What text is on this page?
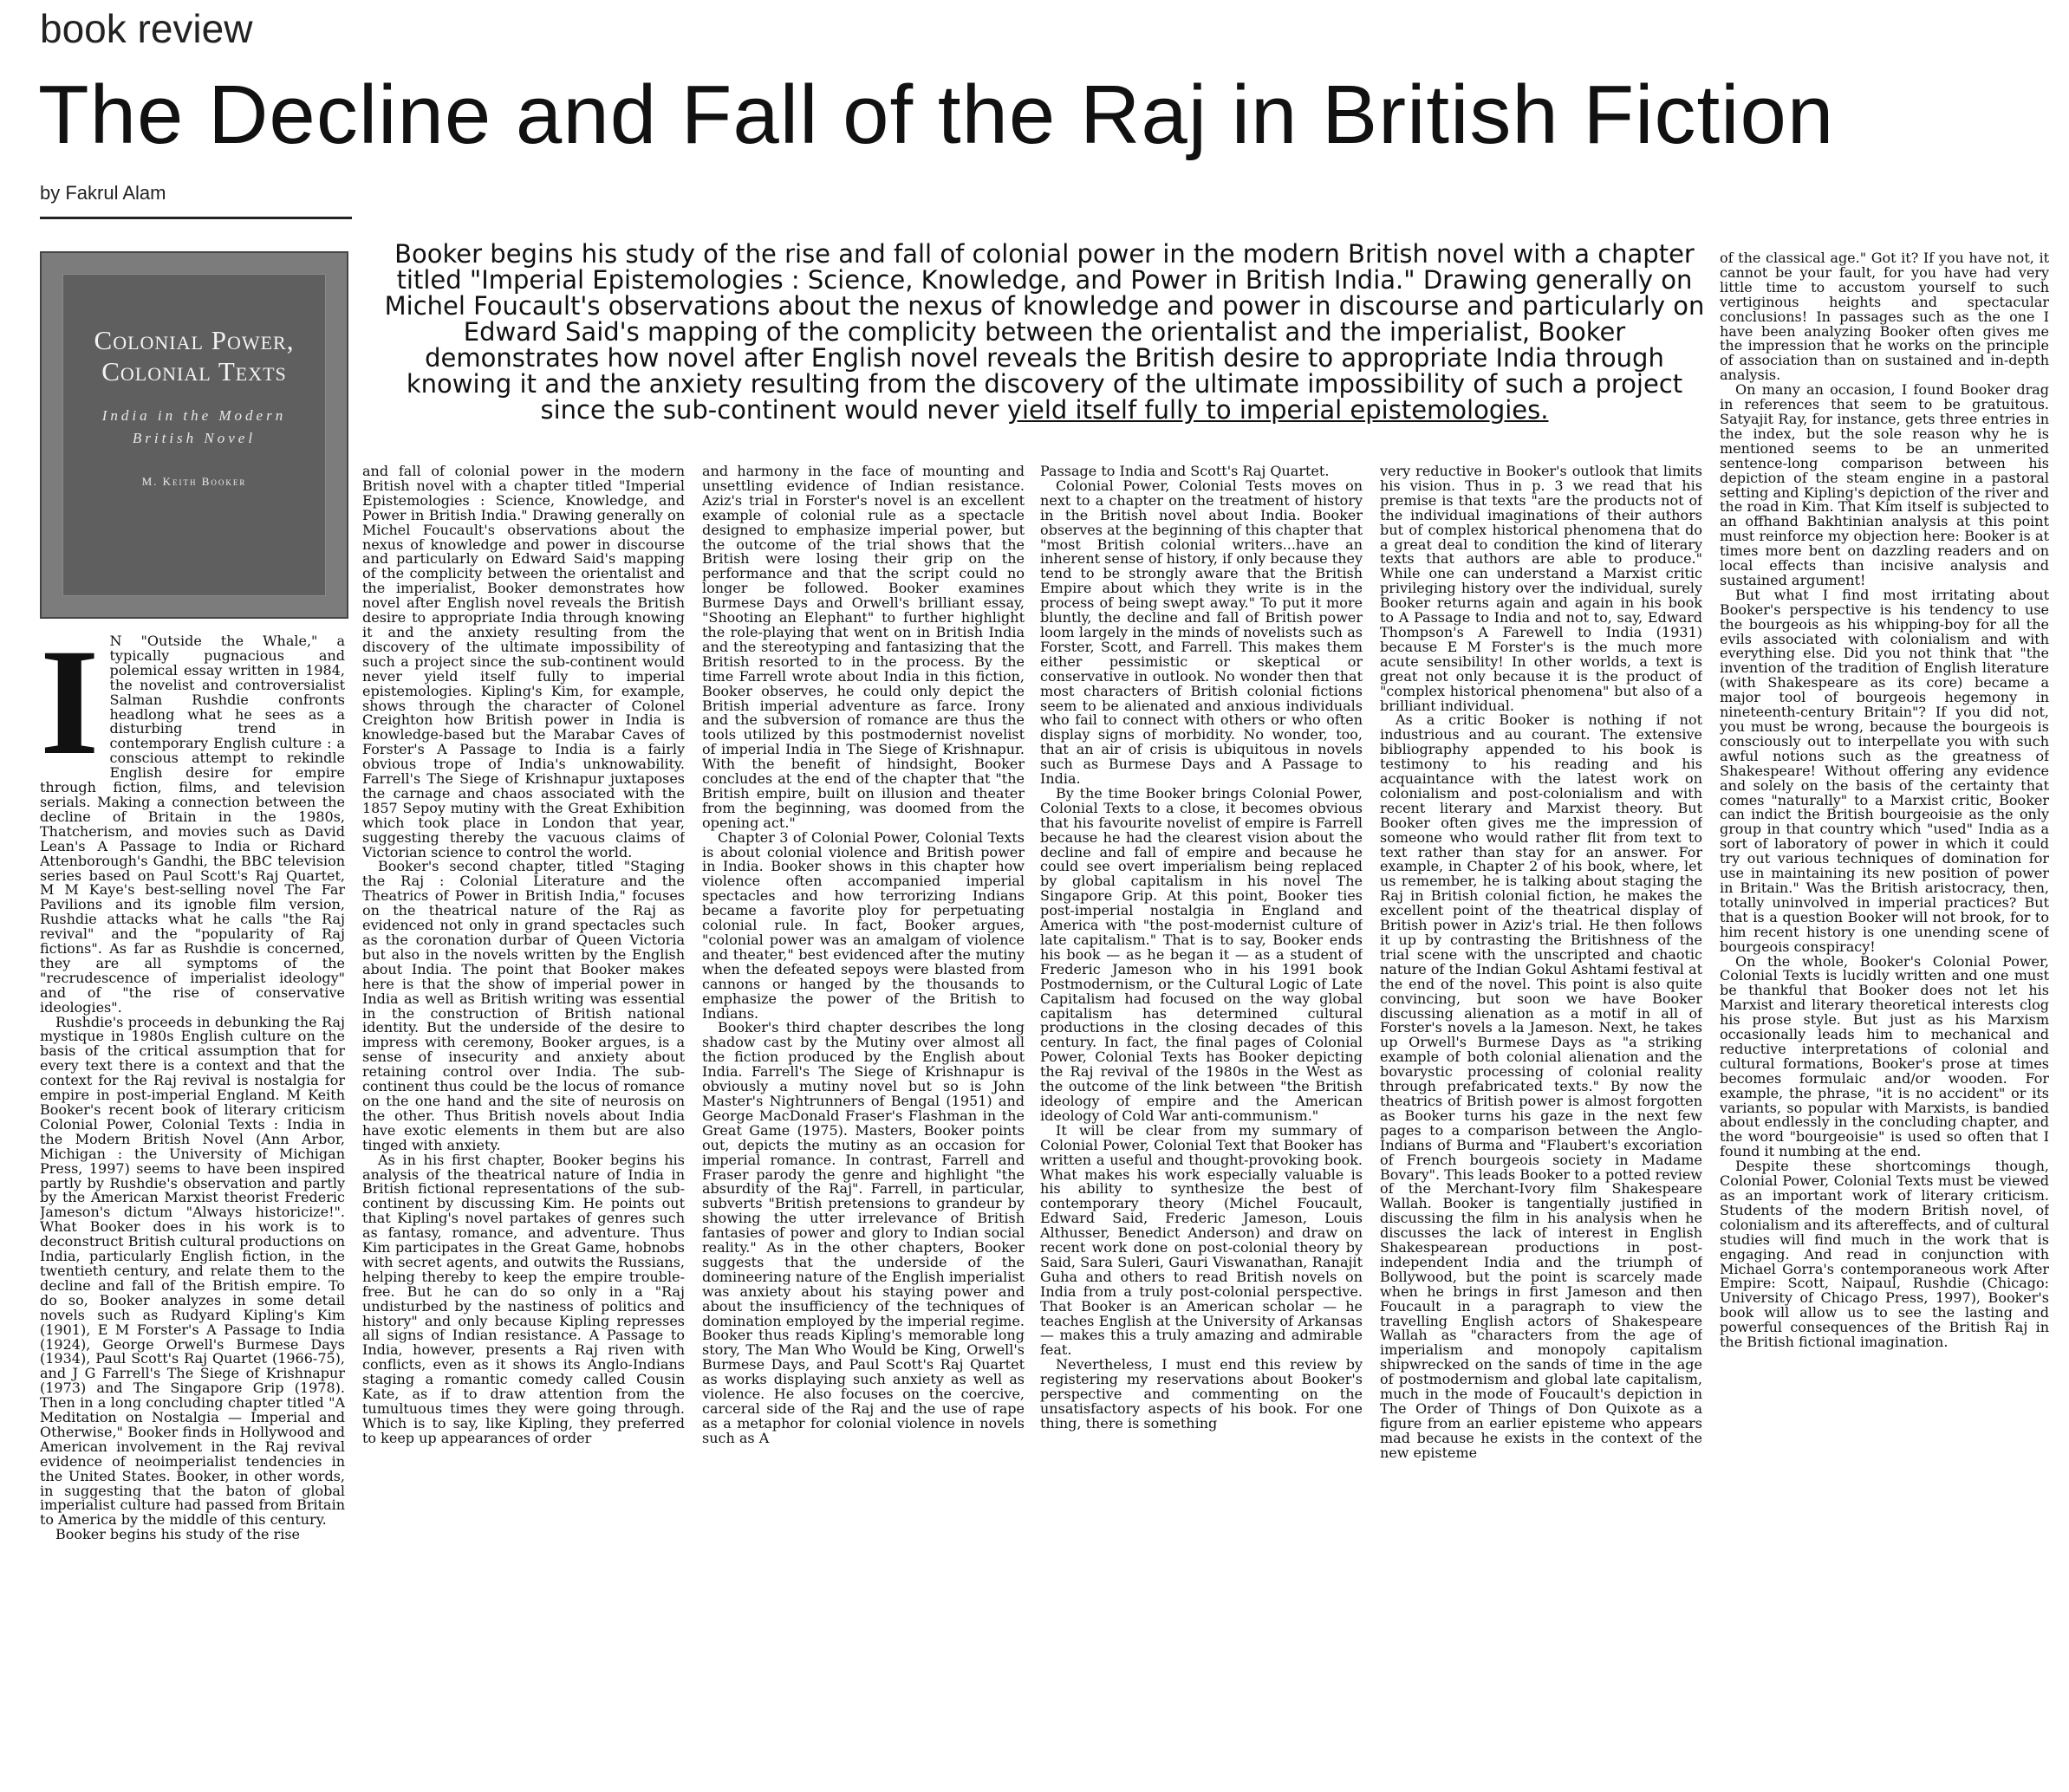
book review
The Decline and Fall of the Raj in British Fiction
by Fakrul Alam
Colonial Power, Colonial Texts
India in the Modern British Novel
M. Keith Booker
Booker begins his study of the rise and fall of colonial power in the modern British novel with a chapter titled "Imperial Epistemologies : Science, Knowledge, and Power in British India." Drawing generally on Michel Foucault's observations about the nexus of knowledge and power in discourse and particularly on Edward Said's mapping of the complicity between the orientalist and the imperialist, Booker demonstrates how novel after English novel reveals the British desire to appropriate India through knowing it and the anxiety resulting from the discovery of the ultimate impossibility of such a project since the sub-continent would never yield itself fully to imperial epistemologies.
I N "Outside the Whale," a typically pugnacious and polemical essay written in 1984, the novelist and controversialist Salman Rushdie confronts headlong what he sees as a disturbing trend in contemporary English culture : a conscious attempt to rekindle English desire for empire through fiction, films, and television serials. Making a connection between the decline of Britain in the 1980s, Thatcherism, and movies such as David Lean's A Passage to India or Richard Attenborough's Gandhi, the BBC television series based on Paul Scott's Raj Quartet, M M Kaye's best-selling novel The Far Pavilions and its ignoble film version, Rushdie attacks what he calls "the Raj revival" and the "popularity of Raj fictions". As far as Rushdie is concerned, they are all symptoms of the "recrudescence of imperialist ideology" and of "the rise of conservative ideologies".

Rushdie's proceeds in debunking the Raj mystique in 1980s English culture on the basis of the critical assumption that for every text there is a context and that the context for the Raj revival is nostalgia for empire in post-imperial England. M Keith Booker's recent book of literary criticism Colonial Power, Colonial Texts : India in the Modern British Novel (Ann Arbor, Michigan : the University of Michigan Press, 1997) seems to have been inspired partly by Rushdie's observation and partly by the American Marxist theorist Frederic Jameson's dictum "Always historicize!". What Booker does in his work is to deconstruct British cultural productions on India, particularly English fiction, in the twentieth century, and relate them to the decline and fall of the British empire. To do so, Booker analyzes in some detail novels such as Rudyard Kipling's Kim (1901), E M Forster's A Passage to India (1924), George Orwell's Burmese Days (1934), Paul Scott's Raj Quartet (1966-75), and J G Farrell's The Siege of Krishnapur (1973) and The Singapore Grip (1978). Then in a long concluding chapter titled "A Meditation on Nostalgia — Imperial and Otherwise," Booker finds in Hollywood and American involvement in the Raj revival evidence of neoimperialist tendencies in the United States. Booker, in other words, in suggesting that the baton of global imperialist culture had passed from Britain to America by the middle of this century.

Booker begins his study of the rise

and fall of colonial power in the modern British novel with a chapter titled "Imperial Epistemologies : Science, Knowledge, and Power in British India." Drawing generally on Michel Foucault's observations about the nexus of knowledge and power in discourse and particularly on Edward Said's mapping of the complicity between the orientalist and the imperialist, Booker demonstrates how novel after English novel reveals the British desire to appropriate India through knowing it and the anxiety resulting from the discovery of the ultimate impossibility of such a project since the sub-continent would never yield itself fully to imperial epistemologies. Kipling's Kim, for example, shows through the character of Colonel Creighton how British power in India is knowledge-based but the Marabar Caves of Forster's A Passage to India is a fairly obvious trope of India's unknowability. Farrell's The Siege of Krishnapur juxtaposes the carnage and chaos associated with the 1857 Sepoy mutiny with the Great Exhibition which took place in London that year, suggesting thereby the vacuous claims of Victorian science to control the world.

Booker's second chapter, titled "Staging the Raj : Colonial Literature and the Theatrics of Power in British India," focuses on the theatrical nature of the Raj as evidenced not only in grand spectacles such as the coronation durbar of Queen Victoria but also in the novels written by the English about India. The point that Booker makes here is that the show of imperial power in India as well as British writing was essential in the construction of British national identity. But the underside of the desire to impress with ceremony, Booker argues, is a sense of insecurity and anxiety about retaining control over India. The sub-continent thus could be the locus of romance on the one hand and the site of neurosis on the other. Thus British novels about India have exotic elements in them but are also tinged with anxiety.

As in his first chapter, Booker begins his analysis of the theatrical nature of India in British fictional representations of the sub-continent by discussing Kim. He points out that Kipling's novel partakes of genres such as fantasy, romance, and adventure. Thus Kim participates in the Great Game, hobnobs with secret agents, and outwits the Russians, helping thereby to keep the empire trouble-free. But he can do so only in a "Raj undisturbed by the nastiness of politics and history" and only because Kipling represses all signs of Indian resistance. A Passage to India, however, presents a Raj riven with conflicts, even as it shows its Anglo-Indians staging a romantic comedy called Cousin Kate, as if to draw attention from the tumultuous times they were going through. Which is to say, like Kipling, they preferred to keep up appearances of order

and harmony in the face of mounting and unsettling evidence of Indian resistance. Aziz's trial in Forster's novel is an excellent example of colonial rule as a spectacle designed to emphasize imperial power, but the outcome of the trial shows that the British were losing their grip on the performance and that the script could no longer be followed. Booker examines Burmese Days and Orwell's brilliant essay, "Shooting an Elephant" to further highlight the role-playing that went on in British India and the stereotyping and fantasizing that the British resorted to in the process. By the time Farrell wrote about India in this fiction, Booker observes, he could only depict the British imperial adventure as farce. Irony and the subversion of romance are thus the tools utilized by this postmodernist novelist of imperial India in The Siege of Krishnapur. With the benefit of hindsight, Booker concludes at the end of the chapter that "the British empire, built on illusion and theater from the beginning, was doomed from the opening act."

Chapter 3 of Colonial Power, Colonial Texts is about colonial violence and British power in India. Booker shows in this chapter how violence often accompanied imperial spectacles and how terrorizing Indians became a favorite ploy for perpetuating colonial rule. In fact, Booker argues, "colonial power was an amalgam of violence and theater," best evidenced after the mutiny when the defeated sepoys were blasted from cannons or hanged by the thousands to emphasize the power of the British to Indians.

Booker's third chapter describes the long shadow cast by the Mutiny over almost all the fiction produced by the English about India. Farrell's The Siege of Krishnapur is obviously a mutiny novel but so is John Master's Nightrunners of Bengal (1951) and George MacDonald Fraser's Flashman in the Great Game (1975). Masters, Booker points out, depicts the mutiny as an occasion for imperial romance. In contrast, Farrell and Fraser parody the genre and highlight "the absurdity of the Raj". Farrell, in particular, subverts "British pretensions to grandeur by showing the utter irrelevance of British fantasies of power and glory to Indian social reality." As in the other chapters, Booker suggests that the underside of the domineering nature of the English imperialist was anxiety about his staying power and about the insufficiency of the techniques of domination employed by the imperial regime. Booker thus reads Kipling's memorable long story, The Man Who Would be King, Orwell's Burmese Days, and Paul Scott's Raj Quartet as works displaying such anxiety as well as violence. He also focuses on the coercive, carceral side of the Raj and the use of rape as a metaphor for colonial violence in novels such as A

Passage to India and Scott's Raj Quartet.

Colonial Power, Colonial Tests moves on next to a chapter on the treatment of history in the British novel about India. Booker observes at the beginning of this chapter that "most British colonial writers...have an inherent sense of history, if only because they tend to be strongly aware that the British Empire about which they write is in the process of being swept away." To put it more bluntly, the decline and fall of British power loom largely in the minds of novelists such as Forster, Scott, and Farrell. This makes them either pessimistic or skeptical or conservative in outlook. No wonder then that most characters of British colonial fictions seem to be alienated and anxious individuals who fail to connect with others or who often display signs of morbidity. No wonder, too, that an air of crisis is ubiquitous in novels such as Burmese Days and A Passage to India.

By the time Booker brings Colonial Power, Colonial Texts to a close, it becomes obvious that his favourite novelist of empire is Farrell because he had the clearest vision about the decline and fall of empire and because he could see overt imperialism being replaced by global capitalism in his novel The Singapore Grip. At this point, Booker ties post-imperial nostalgia in England and America with "the post-modernist culture of late capitalism." That is to say, Booker ends his book — as he began it — as a student of Frederic Jameson who in his 1991 book Postmodernism, or the Cultural Logic of Late Capitalism had focused on the way global capitalism has determined cultural productions in the closing decades of this century. In fact, the final pages of Colonial Power, Colonial Texts has Booker depicting the Raj revival of the 1980s in the West as the outcome of the link between "the British ideology of empire and the American ideology of Cold War anti-communism."

It will be clear from my summary of Colonial Power, Colonial Text that Booker has written a useful and thought-provoking book. What makes his work especially valuable is his ability to synthesize the best of contemporary theory (Michel Foucault, Edward Said, Frederic Jameson, Louis Althusser, Benedict Anderson) and draw on recent work done on post-colonial theory by Said, Sara Suleri, Gauri Viswanathan, Ranajit Guha and others to read British novels on India from a truly post-colonial perspective. That Booker is an American scholar — he teaches English at the University of Arkansas — makes this a truly amazing and admirable feat.

Nevertheless, I must end this review by registering my reservations about Booker's perspective and commenting on the unsatisfactory aspects of his book. For one thing, there is something

very reductive in Booker's outlook that limits his vision. Thus in p. 3 we read that his premise is that texts "are the products not of the individual imaginations of their authors but of complex historical phenomena that do a great deal to condition the kind of literary texts that authors are able to produce." While one can understand a Marxist critic privileging history over the individual, surely Booker returns again and again in his book to A Passage to India and not to, say, Edward Thompson's A Farewell to India (1931) because E M Forster's is the much more acute sensibility! In other worlds, a text is great not only because it is the product of "complex historical phenomena" but also of a brilliant individual.

As a critic Booker is nothing if not industrious and au courant. The extensive bibliography appended to his book is testimony to his reading and his acquaintance with the latest work on colonialism and post-colonialism and with recent literary and Marxist theory. But Booker often gives me the impression of someone who would rather flit from text to text rather than stay for an answer. For example, in Chapter 2 of his book, where, let us remember, he is talking about staging the Raj in British colonial fiction, he makes the excellent point of the theatrical display of British power in Aziz's trial. He then follows it up by contrasting the Britishness of the trial scene with the unscripted and chaotic nature of the Indian Gokul Ashtami festival at the end of the novel. This point is also quite convincing, but soon we have Booker discussing alienation as a motif in all of Forster's novels a la Jameson. Next, he takes up Orwell's Burmese Days as "a striking example of both colonial alienation and the bovarystic processing of colonial reality through prefabricated texts." By now the theatrics of British power is almost forgotten as Booker turns his gaze in the next few pages to a comparison between the Anglo-Indians of Burma and "Flaubert's excoriation of French bourgeois society in Madame Bovary". This leads Booker to a potted review of the Merchant-Ivory film Shakespeare Wallah. Booker is tangentially justified in discussing the film in his analysis when he discusses the lack of interest in English Shakespearean productions in post-independent India and the triumph of Bollywood, but the point is scarcely made when he brings in first Jameson and then Foucault in a paragraph to view the travelling English actors of Shakespeare Wallah as "characters from the age of imperialism and monopoly capitalism shipwrecked on the sands of time in the age of postmodernism and global late capitalism, much in the mode of Foucault's depiction in The Order of Things of Don Quixote as a figure from an earlier episteme who appears mad because he exists in the context of the new episteme

of the classical age." Got it? If you have not, it cannot be your fault, for you have had very little time to accustom yourself to such vertiginous heights and spectacular conclusions! In passages such as the one I have been analyzing Booker often gives me the impression that he works on the principle of association than on sustained and in-depth analysis.

On many an occasion, I found Booker drag in references that seem to be gratuitous. Satyajit Ray, for instance, gets three entries in the index, but the sole reason why he is mentioned seems to be an unmerited sentence-long comparison between his depiction of the steam engine in a pastoral setting and Kipling's depiction of the river and the road in Kim. That Kim itself is subjected to an offhand Bakhtinian analysis at this point must reinforce my objection here: Booker is at times more bent on dazzling readers and on local effects than incisive analysis and sustained argument!

But what I find most irritating about Booker's perspective is his tendency to use the bourgeois as his whipping-boy for all the evils associated with colonialism and with everything else. Did you not think that "the invention of the tradition of English literature (with Shakespeare as its core) became a major tool of bourgeois hegemony in nineteenth-century Britain"? If you did not, you must be wrong, because the bourgeois is consciously out to interpellate you with such awful notions such as the greatness of Shakespeare! Without offering any evidence and solely on the basis of the certainty that comes "naturally" to a Marxist critic, Booker can indict the British bourgeoisie as the only group in that country which "used" India as a sort of laboratory of power in which it could try out various techniques of domination for use in maintaining its new position of power in Britain." Was the British aristocracy, then, totally uninvolved in imperial practices? But that is a question Booker will not brook, for to him recent history is one unending scene of bourgeois conspiracy!

On the whole, Booker's Colonial Power, Colonial Texts is lucidly written and one must be thankful that Booker does not let his Marxist and literary theoretical interests clog his prose style. But just as his Marxism occasionally leads him to mechanical and reductive interpretations of colonial and cultural formations, Booker's prose at times becomes formulaic and/or wooden. For example, the phrase, "it is no accident" or its variants, so popular with Marxists, is bandied about endlessly in the concluding chapter, and the word "bourgeoisie" is used so often that I found it numbing at the end.

Despite these shortcomings though, Colonial Power, Colonial Texts must be viewed as an important work of literary criticism. Students of the modern British novel, of colonialism and its aftereffects, and of cultural studies will find much in the work that is engaging. And read in conjunction with Michael Gorra's contemporaneous work After Empire: Scott, Naipaul, Rushdie (Chicago: University of Chicago Press, 1997), Booker's book will allow us to see the lasting and powerful consequences of the British Raj in the British fictional imagination.
